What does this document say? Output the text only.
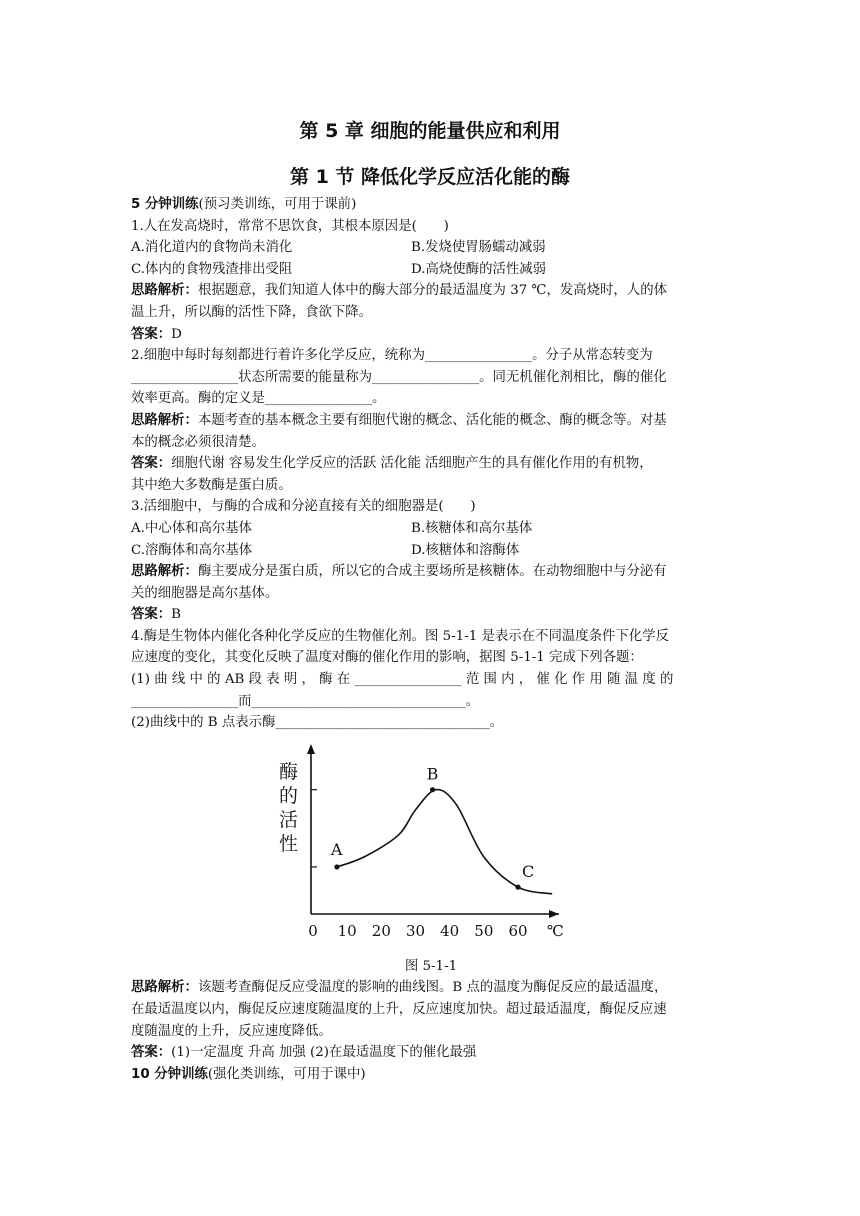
第 5 章 细胞的能量供应和利用
第 1 节 降低化学反应活化能的酶
5 分钟训练(预习类训练，可用于课前)
1.人在发高烧时，常常不思饮食，其根本原因是(　　)
A.消化道内的食物尚未消化	B.发烧使胃肠蠕动减弱
C.体内的食物残渣排出受阻	D.高烧使酶的活性减弱
思路解析：根据题意，我们知道人体中的酶大部分的最适温度为 37 ℃，发高烧时，人的体
温上升，所以酶的活性下降，食欲下降。
答案：D
2.细胞中每时每刻都进行着许多化学反应，统称为________________。分子从常态转变为
________________状态所需要的能量称为________________。同无机催化剂相比，酶的催化
效率更高。酶的定义是________________。
思路解析：本题考查的基本概念主要有细胞代谢的概念、活化能的概念、酶的概念等。对基
本的概念必须很清楚。
答案：细胞代谢 容易发生化学反应的活跃 活化能 活细胞产生的具有催化作用的有机物，
其中绝大多数酶是蛋白质。
3.活细胞中，与酶的合成和分泌直接有关的细胞器是(　　)
A.中心体和高尔基体	B.核糖体和高尔基体
C.溶酶体和高尔基体	D.核糖体和溶酶体
思路解析：酶主要成分是蛋白质，所以它的合成主要场所是核糖体。在动物细胞中与分泌有
关的细胞器是高尔基体。
答案：B
4.酶是生物体内催化各种化学反应的生物催化剂。图 5-1-1 是表示在不同温度条件下化学反
应速度的变化，其变化反映了温度对酶的催化作用的影响，据图 5-1-1 完成下列各题：
(1) 曲 线 中 的 AB 段 表 明 ， 酶 在 ________________ 范 围 内 ， 催 化 作 用 随 温 度 的
________________而________________________________。
(2)曲线中的 B 点表示酶________________________________。
酶
的
活
性 A
B
C
0 10 20 30 40 50 60 ℃
图 5-1-1
思路解析：该题考查酶促反应受温度的影响的曲线图。B 点的温度为酶促反应的最适温度，
在最适温度以内，酶促反应速度随温度的上升，反应速度加快。超过最适温度，酶促反应速
度随温度的上升，反应速度降低。
答案：(1)一定温度 升高 加强 (2)在最适温度下的催化最强
10 分钟训练(强化类训练，可用于课中)
